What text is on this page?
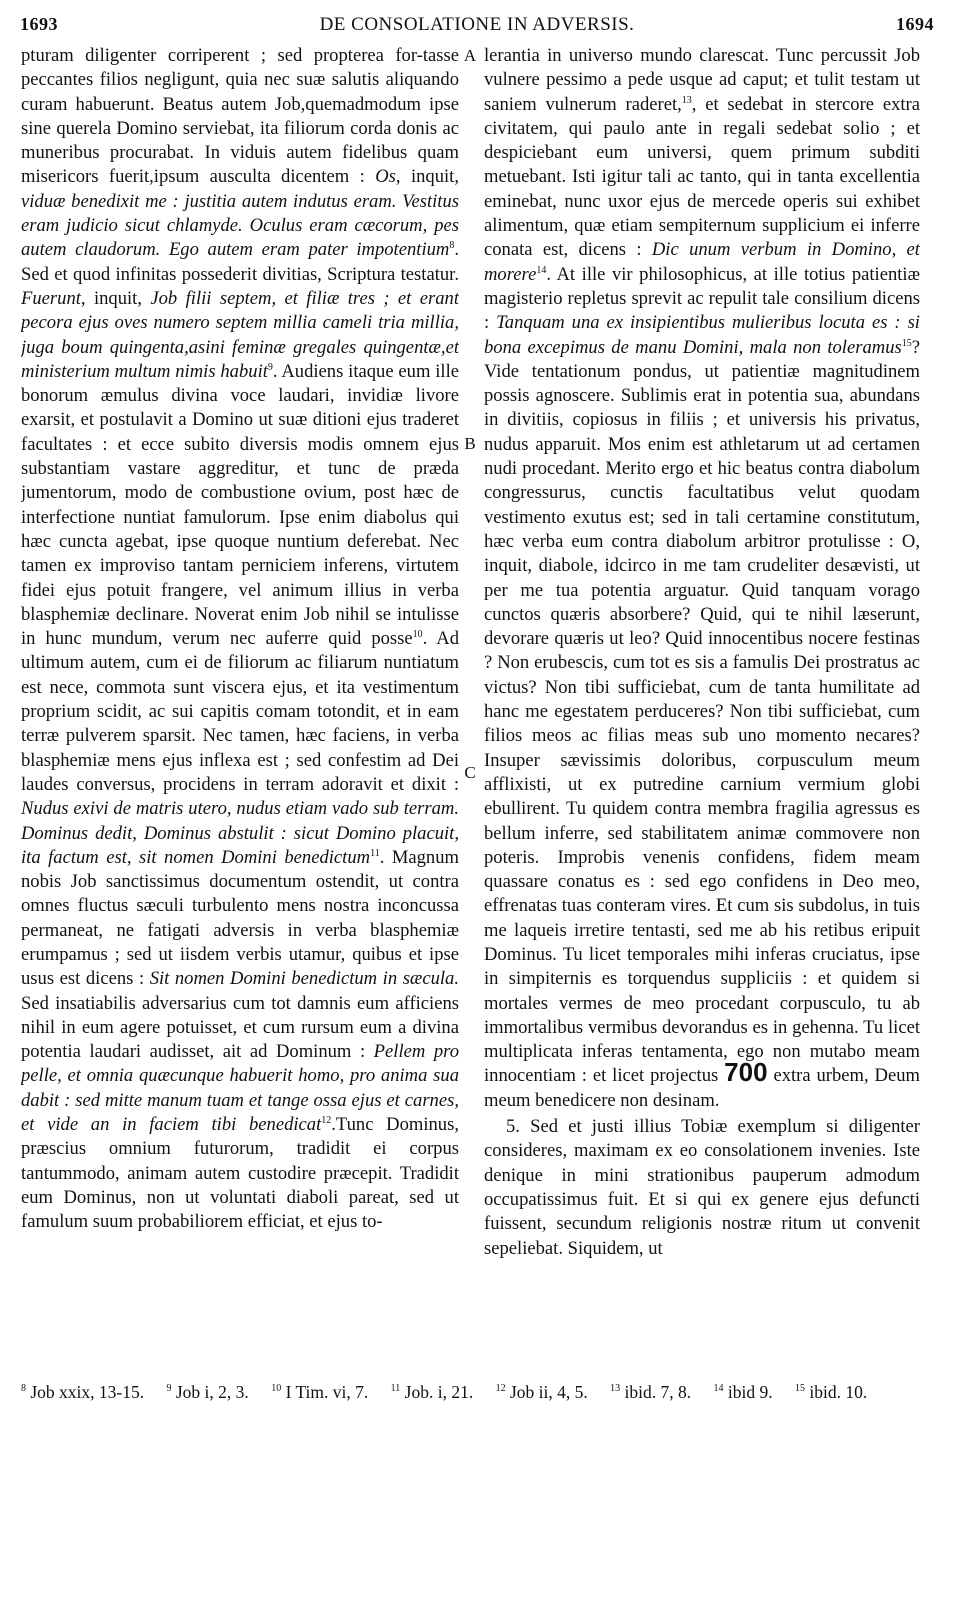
1693	DE CONSOLATIONE IN ADVERSIS.	1694
A
B
C

pturam diligenter corriperent ; sed propterea for-tasse peccantes filios negligunt, quia nec suæ salutis aliquando curam habuerunt. Beatus autem Job,quemadmodum ipse sine querela Domino serviebat, ita filiorum corda donis ac muneribus procurabat. In viduis autem fidelibus quam misericors fuerit,ipsum ausculta dicentem : Os, inquit, viduæ benedixit me : justitia autem indutus eram. Vestitus eram judicio sicut chlamyde. Oculus eram cæcorum, pes autem claudorum. Ego autem eram pater impotentium$^8$. Sed et quod infinitas possederit divitias, Scriptura testatur. Fuerunt, inquit, Job filii septem, et filiæ tres ; et erant pecora ejus oves numero septem millia cameli tria millia, juga boum quingenta,asini feminæ gregales quingentæ,et ministerium multum nimis habuit$^9$. Audiens itaque eum ille bonorum æmulus divina voce laudari, invidiæ livore exarsit, et postulavit a Domino ut suæ ditioni ejus traderet facultates : et ecce subito diversis modis omnem ejus substantiam vastare aggreditur, et tunc de præda jumentorum, modo de combustione ovium, post hæc de interfectione nuntiat famulorum. Ipse enim diabolus qui hæc cuncta agebat, ipse quoque nuntium deferebat. Nec tamen ex improviso tantam perniciem inferens, virtutem fidei ejus potuit frangere, vel animum illius in verba blasphemiæ declinare. Noverat enim Job nihil se intulisse in hunc mundum, verum nec auferre quid posse$^{10}$. Ad ultimum autem, cum ei de filiorum ac filiarum nuntiatum est nece, commota sunt viscera ejus, et ita vestimentum proprium scidit, ac sui capitis comam totondit, et in eam terræ pulverem sparsit. Nec tamen, hæc faciens, in verba blasphemiæ mens ejus inflexa est ; sed confestim ad Dei laudes conversus, procidens in terram adoravit et dixit : Nudus exivi de matris utero, nudus etiam vado sub terram. Dominus dedit, Dominus abstulit : sicut Domino placuit, ita factum est, sit nomen Domini benedictum$^{11}$. Magnum nobis Job sanctissimus documentum ostendit, ut contra omnes fluctus sæculi turbulento mens nostra inconcussa permaneat, ne fatigati adversis in verba blasphemiæ erumpamus ; sed ut iisdem verbis utamur, quibus et ipse usus est dicens : Sit nomen Domini benedictum in sæcula. Sed insatiabilis adversarius cum tot damnis eum afficiens nihil in eum agere potuisset, et cum rursum eum a divina potentia laudari audisset, ait ad Dominum : Pellem pro pelle, et omnia quæcunque habuerit homo, pro anima sua dabit : sed mitte manum tuam et tange ossa ejus et carnes, et vide an in faciem tibi benedicat$^{12}$.Tunc Dominus, præscius omnium futurorum, tradidit ei corpus tantummodo, animam autem custodire præcepit. Tradidit eum Dominus, non ut voluntati diaboli pareat, sed ut famulum suum probabiliorem efficiat, et ejus to-

lerantia in universo mundo clarescat. Tunc percussit Job vulnere pessimo a pede usque ad caput; et tulit testam ut saniem vulnerum raderet,$^{13}$, et sedebat in stercore extra civitatem, qui paulo ante in regali sedebat solio ; et despiciebant eum universi, quem primum subditi metuebant. Isti igitur tali ac tanto, qui in tanta excellentia eminebat, nunc uxor ejus de mercede operis sui exhibet alimentum, quæ etiam sempiternum supplicium ei inferre conata est, dicens : Dic unum verbum in Domino, et morere$^{14}$. At ille vir philosophicus, at ille totius patientiæ magisterio repletus sprevit ac repulit tale consilium dicens : Tanquam una ex insipientibus mulieribus locuta es : si bona excepimus de manu Domini, mala non toleramus$^{15}$? Vide tentationum pondus, ut patientiæ magnitudinem possis agnoscere. Sublimis erat in potentia sua, abundans in divitiis, copiosus in filiis ; et universis his privatus, nudus apparuit. Mos enim est athletarum ut ad certamen nudi procedant. Merito ergo et hic beatus contra diabolum congressurus, cunctis facultatibus velut quodam vestimento exutus est; sed in tali certamine constitutum, hæc verba eum contra diabolum arbitror protulisse : O, inquit, diabole, idcirco in me tam crudeliter desævisti, ut per me tua potentia arguatur. Quid tanquam vorago cunctos quæris absorbere? Quid, qui te nihil læserunt, devorare quæris ut leo? Quid innocentibus nocere festinas ? Non erubescis, cum tot es sis a famulis Dei prostratus ac victus? Non tibi sufficiebat, cum de tanta humilitate ad hanc me egestatem perduceres? Non tibi sufficiebat, cum filios meos ac filias meas sub uno momento necares? Insuper sævissimis doloribus, corpusculum meum afflixisti, ut ex putredine carnium vermium globi ebullirent. Tu quidem contra membra fragilia agressus es bellum inferre, sed stabilitatem animæ commovere non poteris. Improbis venenis confidens, fidem meam quassare conatus es : sed ego confidens in Deo meo, effrenatas tuas conteram vires. Et cum sis subdolus, in tuis me laqueis irretire tentasti, sed me ab his retibus eripuit Dominus. Tu licet temporales mihi inferas cruciatus, ipse in simpiternis es torquendus suppliciis : et quidem si mortales vermes de meo procedant corpusculo, tu ab immortalibus vermibus devorandus es in gehenna. Tu licet multiplicata inferas tentamenta, ego non mutabo meam innocentiam : et licet projectus 700 extra urbem, Deum meum benedicere non desinam.

5. Sed et justi illius Tobiæ exemplum si diligenter consideres, maximam ex eo consolationem invenies. Iste denique in mini strationibus pauperum admodum occupatissimus fuit. Et si qui ex genere ejus defuncti fuissent, secundum religionis nostræ ritum ut convenit sepeliebat. Siquidem, ut

$^8$ Job xxix, 13-15. $^9$ Job i, 2, 3. $^{10}$ I Tim. vi, 7. $^{11}$ Job. i, 21. $^{12}$ Job ii, 4, 5. $^{13}$ ibid. 7, 8. $^{14}$ ibid 9. $^{15}$ ibid. 10.
